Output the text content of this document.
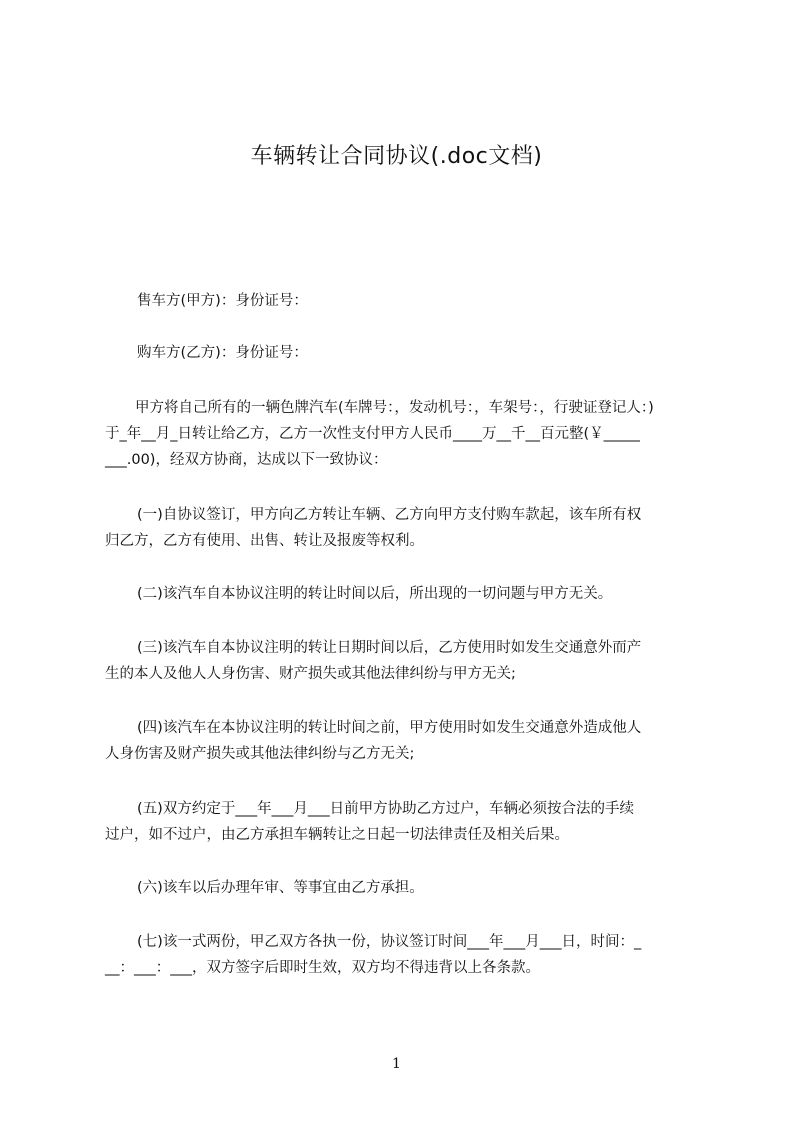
车辆转让合同协议(.doc文档)
售车方(甲方)：身份证号：
购车方(乙方)：身份证号：
甲方将自己所有的一辆色牌汽车(车牌号：，发动机号：，车架号：，行驶证登记人：)
于_年__月_日转让给乙方，乙方一次性支付甲方人民币____万__千__百元整(￥_____
___.00)，经双方协商，达成以下一致协议：
(一)自协议签订，甲方向乙方转让车辆、乙方向甲方支付购车款起，该车所有权
归乙方，乙方有使用、出售、转让及报废等权利。
(二)该汽车自本协议注明的转让时间以后，所出现的一切问题与甲方无关。
(三)该汽车自本协议注明的转让日期时间以后，乙方使用时如发生交通意外而产
生的本人及他人人身伤害、财产损失或其他法律纠纷与甲方无关;
(四)该汽车在本协议注明的转让时间之前，甲方使用时如发生交通意外造成他人
人身伤害及财产损失或其他法律纠纷与乙方无关;
(五)双方约定于___年___月___日前甲方协助乙方过户，车辆必须按合法的手续
过户，如不过户，由乙方承担车辆转让之日起一切法律责任及相关后果。
(六)该车以后办理年审、等事宜由乙方承担。
(七)该一式两份，甲乙双方各执一份，协议签订时间___年___月___日，时间：_
__：___：___，双方签字后即时生效，双方均不得违背以上各条款。
1
